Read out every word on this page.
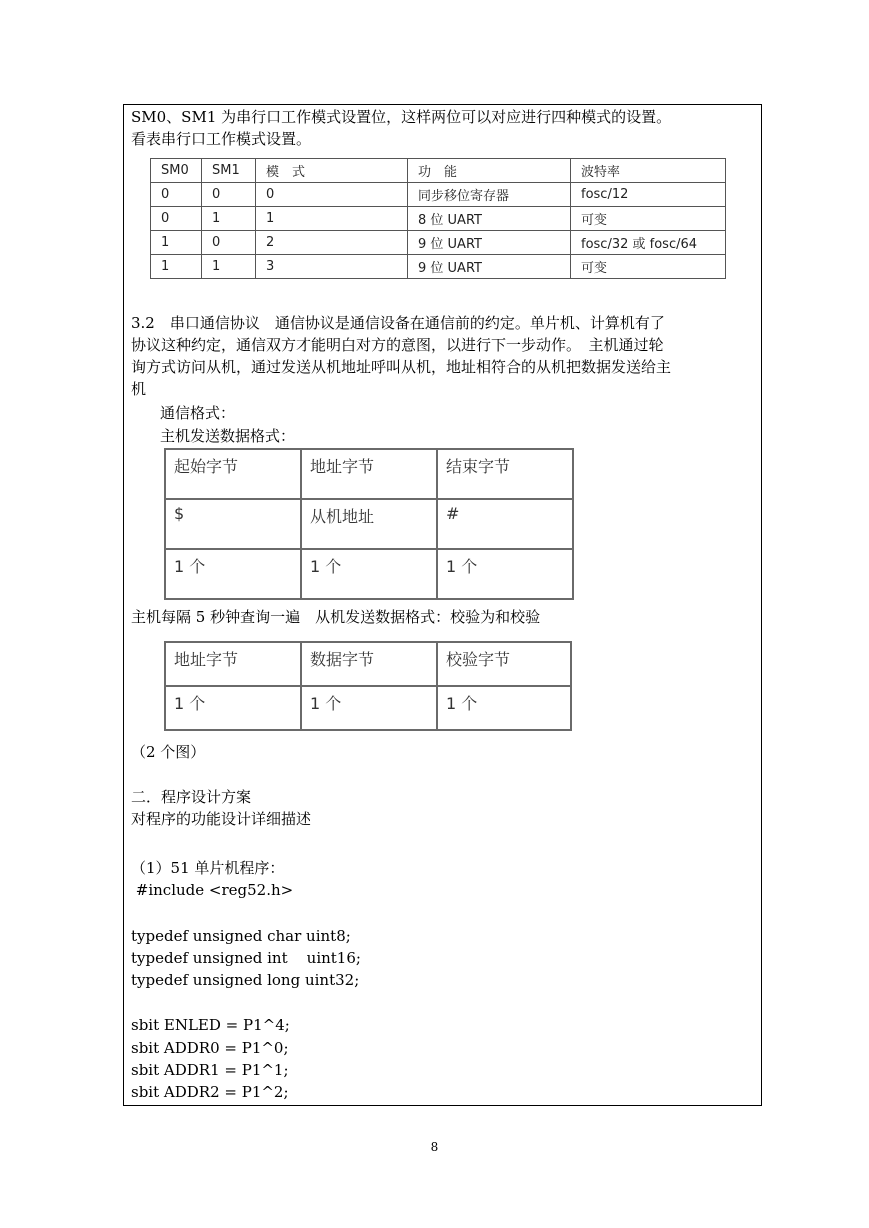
SM0、SM1 为串行口工作模式设置位，这样两位可以对应进行四种模式的设置。
看表串行口工作模式设置。
SM0	SM1	模　式	功　能	波特率
0	0	0	同步移位寄存器	fosc/12
0	1	1	8 位 UART	可变
1	0	2	9 位 UART	fosc/32 或 fosc/64
1	1	3	9 位 UART	可变
3.2　串口通信协议　通信协议是通信设备在通信前的约定。单片机、计算机有了
协议这种约定，通信双方才能明白对方的意图，以进行下一步动作。　主机通过轮
询方式访问从机，通过发送从机地址呼叫从机，地址相符合的从机把数据发送给主
机
通信格式：
主机发送数据格式：
起始字节	地址字节	结束字节
$	从机地址	#
1 个	1 个	1 个
主机每隔 5 秒钟查询一遍　从机发送数据格式：校验为和校验
地址字节	数据字节	校验字节
1 个	1 个	1 个
（2 个图）
二．程序设计方案
对程序的功能设计详细描述
（1）51 单片机程序：
#include <reg52.h>
typedef unsigned char uint8;
typedef unsigned int    uint16;
typedef unsigned long uint32;
sbit ENLED = P1^4;
sbit ADDR0 = P1^0;
sbit ADDR1 = P1^1;
sbit ADDR2 = P1^2;
8
